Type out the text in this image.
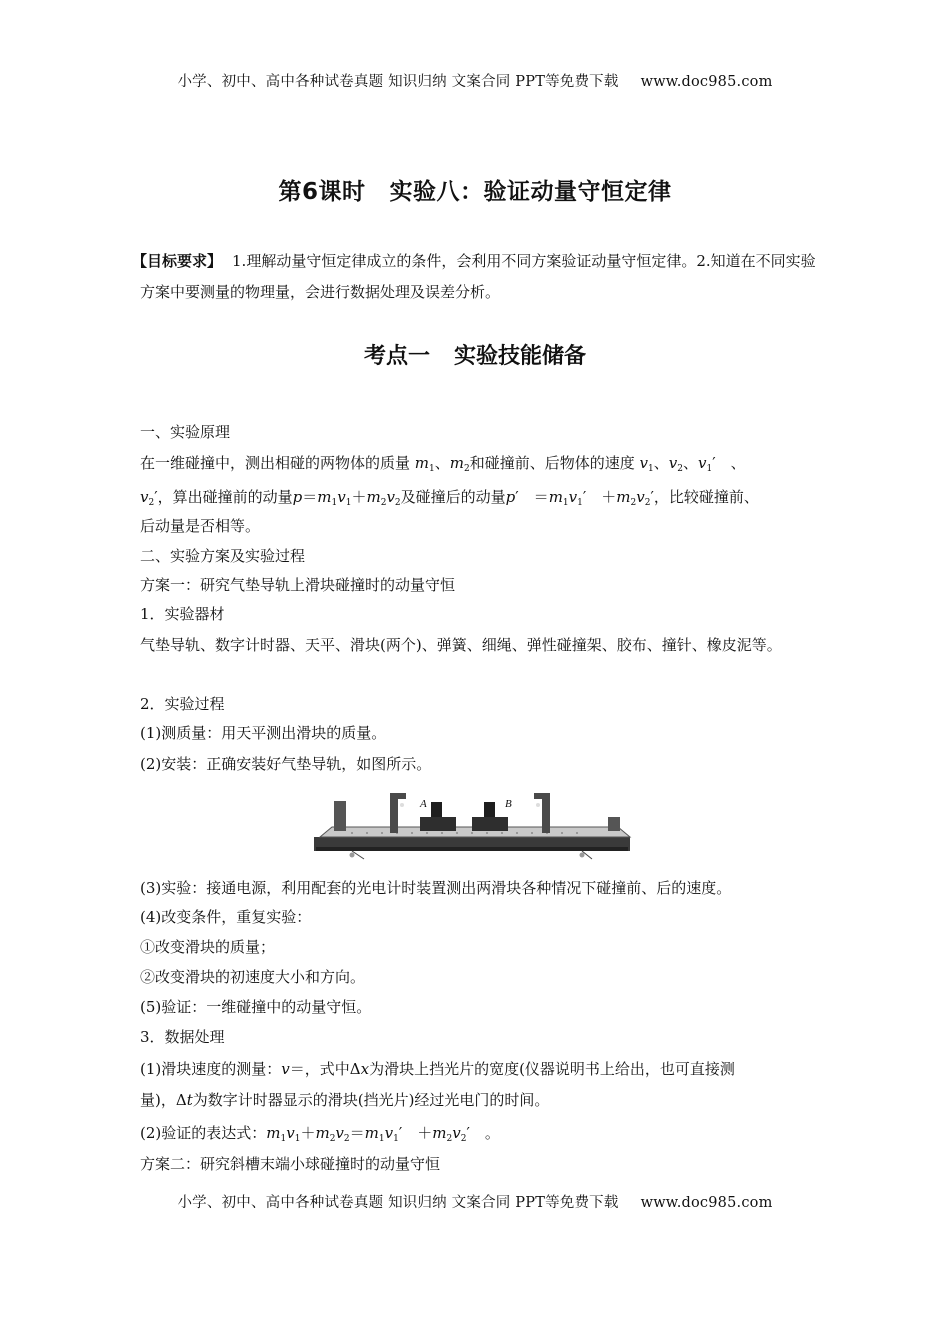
小学、初中、高中各种试卷真题 知识归纳 文案合同 PPT等免费下载 www.doc985.com
第6课时 实验八：验证动量守恒定律
【目标要求】 1.理解动量守恒定律成立的条件，会利用不同方案验证动量守恒定律。2.知道在不同实验方案中要测量的物理量，会进行数据处理及误差分析。
考点一 实验技能储备
一、实验原理
在一维碰撞中，测出相碰的两物体的质量 $m_1$、$m_2$和碰撞前、后物体的速度 $v_1$、$v_2$、$v_1'$　、
$v_2'$，算出碰撞前的动量$p=m_1v_1+m_2v_2$及碰撞后的动量p′　$=m_1v_1'$　$+m_2v_2'$，比较碰撞前、
后动量是否相等。
二、实验方案及实验过程
方案一：研究气垫导轨上滑块碰撞时的动量守恒
1．实验器材
气垫导轨、数字计时器、天平、滑块(两个)、弹簧、细绳、弹性碰撞架、胶布、撞针、橡皮泥等。
2．实验过程
(1)测质量：用天平测出滑块的质量。
(2)安装：正确安装好气垫导轨，如图所示。
A	B
(3)实验：接通电源，利用配套的光电计时装置测出两滑块各种情况下碰撞前、后的速度。
(4)改变条件，重复实验：
①改变滑块的质量；
②改变滑块的初速度大小和方向。
(5)验证：一维碰撞中的动量守恒。
3．数据处理
(1)滑块速度的测量：v＝，式中Δx为滑块上挡光片的宽度(仪器说明书上给出，也可直接测
量)，Δt为数字计时器显示的滑块(挡光片)经过光电门的时间。
(2)验证的表达式：$m_1v_1+m_2v_2=m_1v_1'$　$+m_2v_2'$　。
方案二：研究斜槽末端小球碰撞时的动量守恒
小学、初中、高中各种试卷真题 知识归纳 文案合同 PPT等免费下载 www.doc985.com
